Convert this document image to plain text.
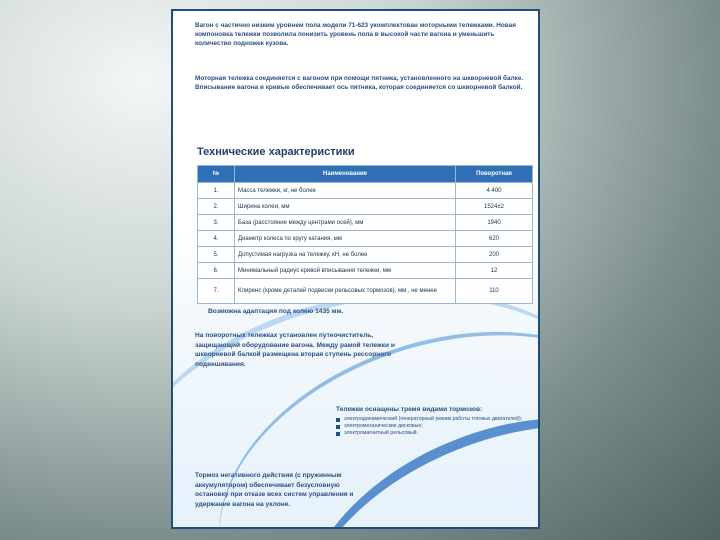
Вагон с частично низким уровнем пола модели 71-623 укомплектован моторными тележками. Новая компоновка тележки позволила понизить уровень пола в высокой части вагона и уменьшить количество подножек кузова.

Моторная тележка соединяется с вагоном при помощи пятника, установленного на шкворневой балке. Вписывание вагона в кривые обеспечивает ось пятника, которая соединяется со шкворневой балкой.

Технические характеристики
№	Наименование	Поворотная
1.	Масса тележки, кг, не более	4 400
2.	Ширина колеи, мм	1524±2
3.	База (расстояние между центрами осей), мм	1940
4.	Диаметр колеса по кругу катания, мм	620
5.	Допустимая нагрузка на тележку, кН, не более	200
6.	Минимальный радиус кривой вписывания тележки, мм	12
7.	Клиренс (кроме деталей подвески рельсовых тормозов), мм , не менее	110

Возможна адаптация под колею 1435 мм.

На поворотных тележках установлен путеочиститель, защищающий оборудование вагона. Между рамой тележки и шкворневой балкой размещена вторая ступень рессорного подвешивания.

Тележки оснащены тремя видами тормозов:

электродинамический (генераторный режим работы тяговых двигателей);
электромеханические дисковые;
электромагнитный рельсовый.

Тормоз негативного действия (с пружинным аккумулятором) обеспечивает безусловную остановку при отказе всех систем управления и удержание вагона на уклоне.
